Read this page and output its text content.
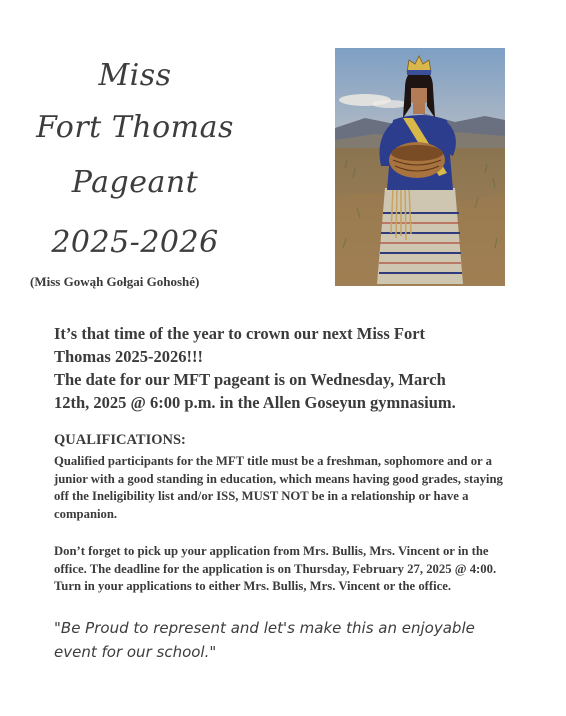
Miss
Fort Thomas
Pageant
2025-2026
(Miss Gowąh Gołgai Gohoshé)
It’s that time of the year to crown our next Miss Fort
Thomas 2025-2026!!!
The date for our MFT pageant is on Wednesday, March
12th, 2025 @ 6:00 p.m. in the Allen Goseyun gymnasium.
QUALIFICATIONS:
Qualified participants for the MFT title must be a freshman, sophomore and or a junior with a good standing in education, which means having good grades, staying off the Ineligibility list and/or ISS, MUST NOT be in a relationship or have a companion.
Don’t forget to pick up your application from Mrs. Bullis, Mrs. Vincent or in the office. The deadline for the application is on Thursday, February 27, 2025 @ 4:00. Turn in your applications to either Mrs. Bullis, Mrs. Vincent or the office.
"Be Proud to represent and let's make this an enjoyable event for our school."
